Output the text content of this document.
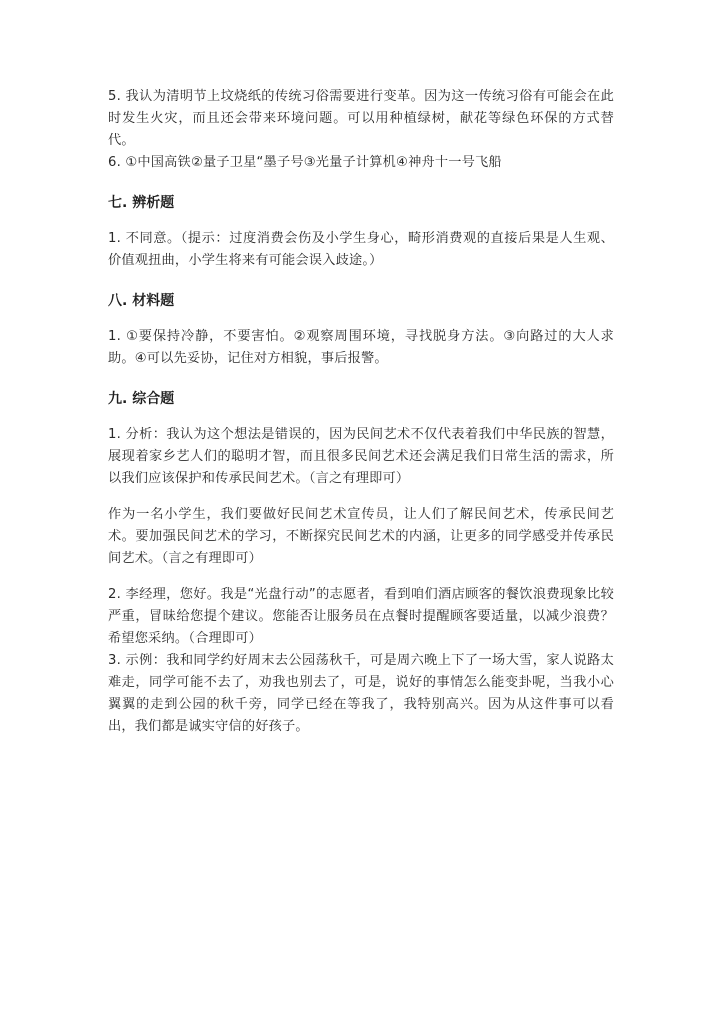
5. 我认为清明节上坟烧纸的传统习俗需要进行变革。因为这一传统习俗有可能会在此时发生火灾，而且还会带来环境问题。可以用种植绿树，献花等绿色环保的方式替代。

6. ①中国高铁②量子卫星“墨子号③光量子计算机④神舟十一号飞船

七. 辨析题

1. 不同意。（提示：过度消费会伤及小学生身心，畸形消费观的直接后果是人生观、价值观扭曲，小学生将来有可能会误入歧途。）

八. 材料题

1. ①要保持冷静，不要害怕。②观察周围环境，寻找脱身方法。③向路过的大人求助。④可以先妥协，记住对方相貌，事后报警。

九. 综合题

1. 分析：我认为这个想法是错误的，因为民间艺术不仅代表着我们中华民族的智慧，展现着家乡艺人们的聪明才智，而且很多民间艺术还会满足我们日常生活的需求，所以我们应该保护和传承民间艺术。（言之有理即可）

作为一名小学生，我们要做好民间艺术宣传员，让人们了解民间艺术，传承民间艺术。要加强民间艺术的学习，不断探究民间艺术的内涵，让更多的同学感受并传承民间艺术。（言之有理即可）

2. 李经理，您好。我是“光盘行动”的志愿者，看到咱们酒店顾客的餐饮浪费现象比较严重，冒昧给您提个建议。您能否让服务员在点餐时提醒顾客要适量，以减少浪费？希望您采纳。（合理即可）

3. 示例：我和同学约好周末去公园荡秋千，可是周六晚上下了一场大雪，家人说路太难走，同学可能不去了，劝我也别去了，可是，说好的事情怎么能变卦呢，当我小心翼翼的走到公园的秋千旁，同学已经在等我了，我特别高兴。因为从这件事可以看出，我们都是诚实守信的好孩子。
